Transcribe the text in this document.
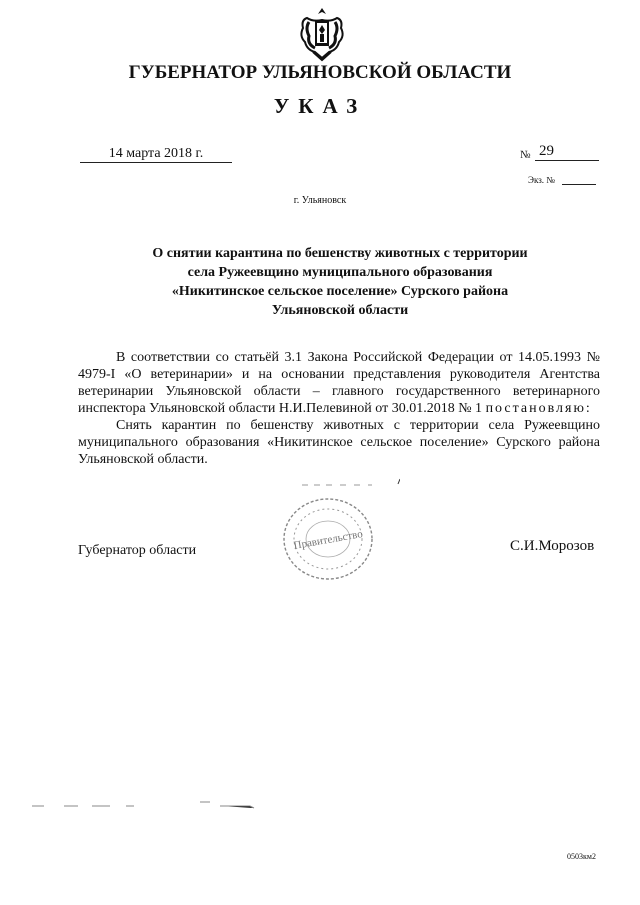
ГУБЕРНАТОР УЛЬЯНОВСКОЙ ОБЛАСТИ
УКАЗ
14 марта 2018 г.	№ 29
Экз. №
г. Ульяновск
О снятии карантина по бешенству животных с территории
села Ружеевщино муниципального образования
«Никитинское сельское поселение» Сурского района
Ульяновской области

В соответствии со статьёй 3.1 Закона Российской Федерации от 14.05.1993 № 4979-I «О ветеринарии» и на основании представления руководителя Агентства ветеринарии Ульяновской области – главного государственного ветеринарного инспектора Ульяновской области Н.И.Пелевиной от 30.01.2018 № 1 постановляю:

Снять карантин по бешенству животных с территории села Ружеевщино муниципального образования «Никитинское сельское поселение» Сурского района Ульяновской области.

Губернатор области	Правительство	С.И.Морозов
0503км2
